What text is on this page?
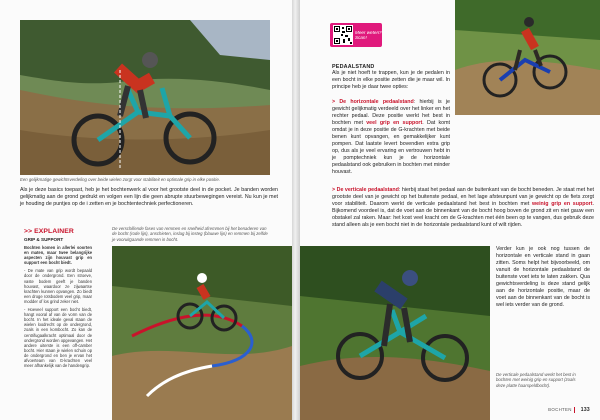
Een gelijkmatige gewichtsverdeling over beide wielen zorgt voor stabiliteit en optimale grip in elke positie.
Als je deze basics toepast, heb je het bochtenwerk al voor het grootste deel in de pocket. Je banden worden gelijkmatig aan de grond gedrukt en volgen een lijn die geen abrupte stuurbewegingen vereist. Nu kun je met je houding de puntjes op de i zetten en je bochtentechniek perfectioneren.
>> EXPLAINER
GRIP & SUPPORT
Bochten komen in allerlei soorten en maten, maar twee belangrijke aspecten zijn houvast grip en support een bocht biedt.
- De mate van grip wordt bepaald door de ondergrond. Een stroeve, vaste bodem geeft je banden houvast, waardoor ze zijwaartse krachten kunnen opvangen. Zo biedt een droge rotsbodem veel grip, maar modder of los grind zeker niet.
- Hoeveel support een bocht biedt, hangt vooral af van de vorm van de bocht. In het ideale geval staan de wielen loodrecht op de ondergrond, zoals in een kombocht. Zo kan de centrifugaalkracht optimaal door de ondergrond worden opgevangen. Het andere uiterste is een off-camber bocht. Hier staan je wielen schuin op de ondergrond en ben je ervan het afvoerteam van G-krachten veel meer afhankelijk van de handengrip.
De verschillende fases van remmen en snelheid afremmen bij het benaderen van de bocht (rode lijn), anschieten, inslag bij insteg (blauwe lijn) en remmen bij zelfde je vooruitgaande remmen in bocht.
Meer weten? Scan!
PEDAALSTAND
Als je niet hoeft te trappen, kun je de pedalen in een bocht in elke positie zetten die je maar wil. In principe heb je daar twee opties:
> De horizontale pedaalstand: hierbij is je gewicht gelijkmatig verdeeld over het linker en het rechter pedaal. Deze positie werkt het best in bochten met veel grip en support. Dat komt omdat je in deze positie de G-krachten met beide benen kunt opvangen, en gemakkelijker kunt pompen. Dat laatste levert bovendien extra grip op, dus als je veel ervaring en vertrouwen hebt in je pomptechniek kun je de horizontale pedaalstand ook gebruiken in bochten met minder houvast.
> De verticale pedaalstand: hierbij staat het pedaal aan de buitenkant van de bocht beneden. Je staat met het grootste deel van je gewicht op het buitenste pedaal, en het lage afsteunpunt van je gewicht op de fiets zorgt voor stabiliteit. Daarom werkt de verticale pedaalstand het best in bochten met weinig grip en support. Bijkomend voordeel is, dat de voet aan de binnenkant van de bocht hoog boven de grond zit en niet gauw een obstakel zal raken. Maar: het kost veel kracht om de G-krachten met één been op te vangen, dus gebruik deze stand alleen als je een bocht niet in de horizontale pedaalstand kunt of wilt rijden.
Verder kun je ook nog tussen de horizontale en verticale stand in gaan zitten. Soms helpt het bijvoorbeeld, om vanuit de horizontale pedaalstand de buitenste voet iets te laten zakken. Qua gewichtsverdeling is deze stand gelijk aan de horizontale positie, maar de voet aan de binnenkant van de bocht is wel iets verder van de grond.
De verticale pedaalstand werkt het best in bochten met weinig grip en support (zoals deze platte haarspeldbocht).
BOCHTEN 133
